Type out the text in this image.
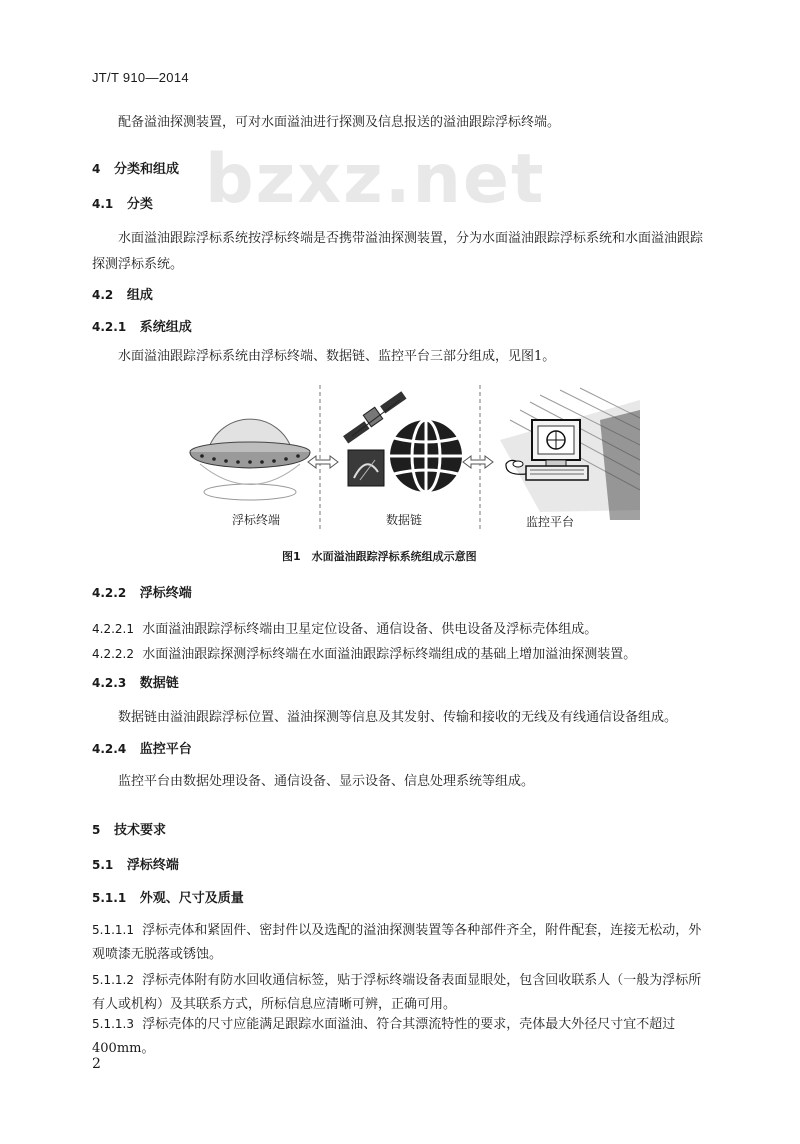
bzxz.net
JT/T 910—2014
配备溢油探测装置，可对水面溢油进行探测及信息报送的溢油跟踪浮标终端。
4 分类和组成
4.1 分类
水面溢油跟踪浮标系统按浮标终端是否携带溢油探测装置，分为水面溢油跟踪浮标系统和水面溢油跟踪探测浮标系统。
4.2 组成
4.2.1 系统组成
水面溢油跟踪浮标系统由浮标终端、数据链、监控平台三部分组成，见图1。
浮标终端	数据链	监控平台
图1　水面溢油跟踪浮标系统组成示意图
4.2.2 浮标终端
4.2.2.1 水面溢油跟踪浮标终端由卫星定位设备、通信设备、供电设备及浮标壳体组成。
4.2.2.2 水面溢油跟踪探测浮标终端在水面溢油跟踪浮标终端组成的基础上增加溢油探测装置。
4.2.3 数据链
数据链由溢油跟踪浮标位置、溢油探测等信息及其发射、传输和接收的无线及有线通信设备组成。
4.2.4 监控平台
监控平台由数据处理设备、通信设备、显示设备、信息处理系统等组成。
5 技术要求
5.1 浮标终端
5.1.1 外观、尺寸及质量
5.1.1.1 浮标壳体和紧固件、密封件以及选配的溢油探测装置等各种部件齐全，附件配套，连接无松动，外观喷漆无脱落或锈蚀。
5.1.1.2 浮标壳体附有防水回收通信标签，贴于浮标终端设备表面显眼处，包含回收联系人（一般为浮标所有人或机构）及其联系方式，所标信息应清晰可辨，正确可用。
5.1.1.3 浮标壳体的尺寸应能满足跟踪水面溢油、符合其漂流特性的要求，壳体最大外径尺寸宜不超过400mm。
2
